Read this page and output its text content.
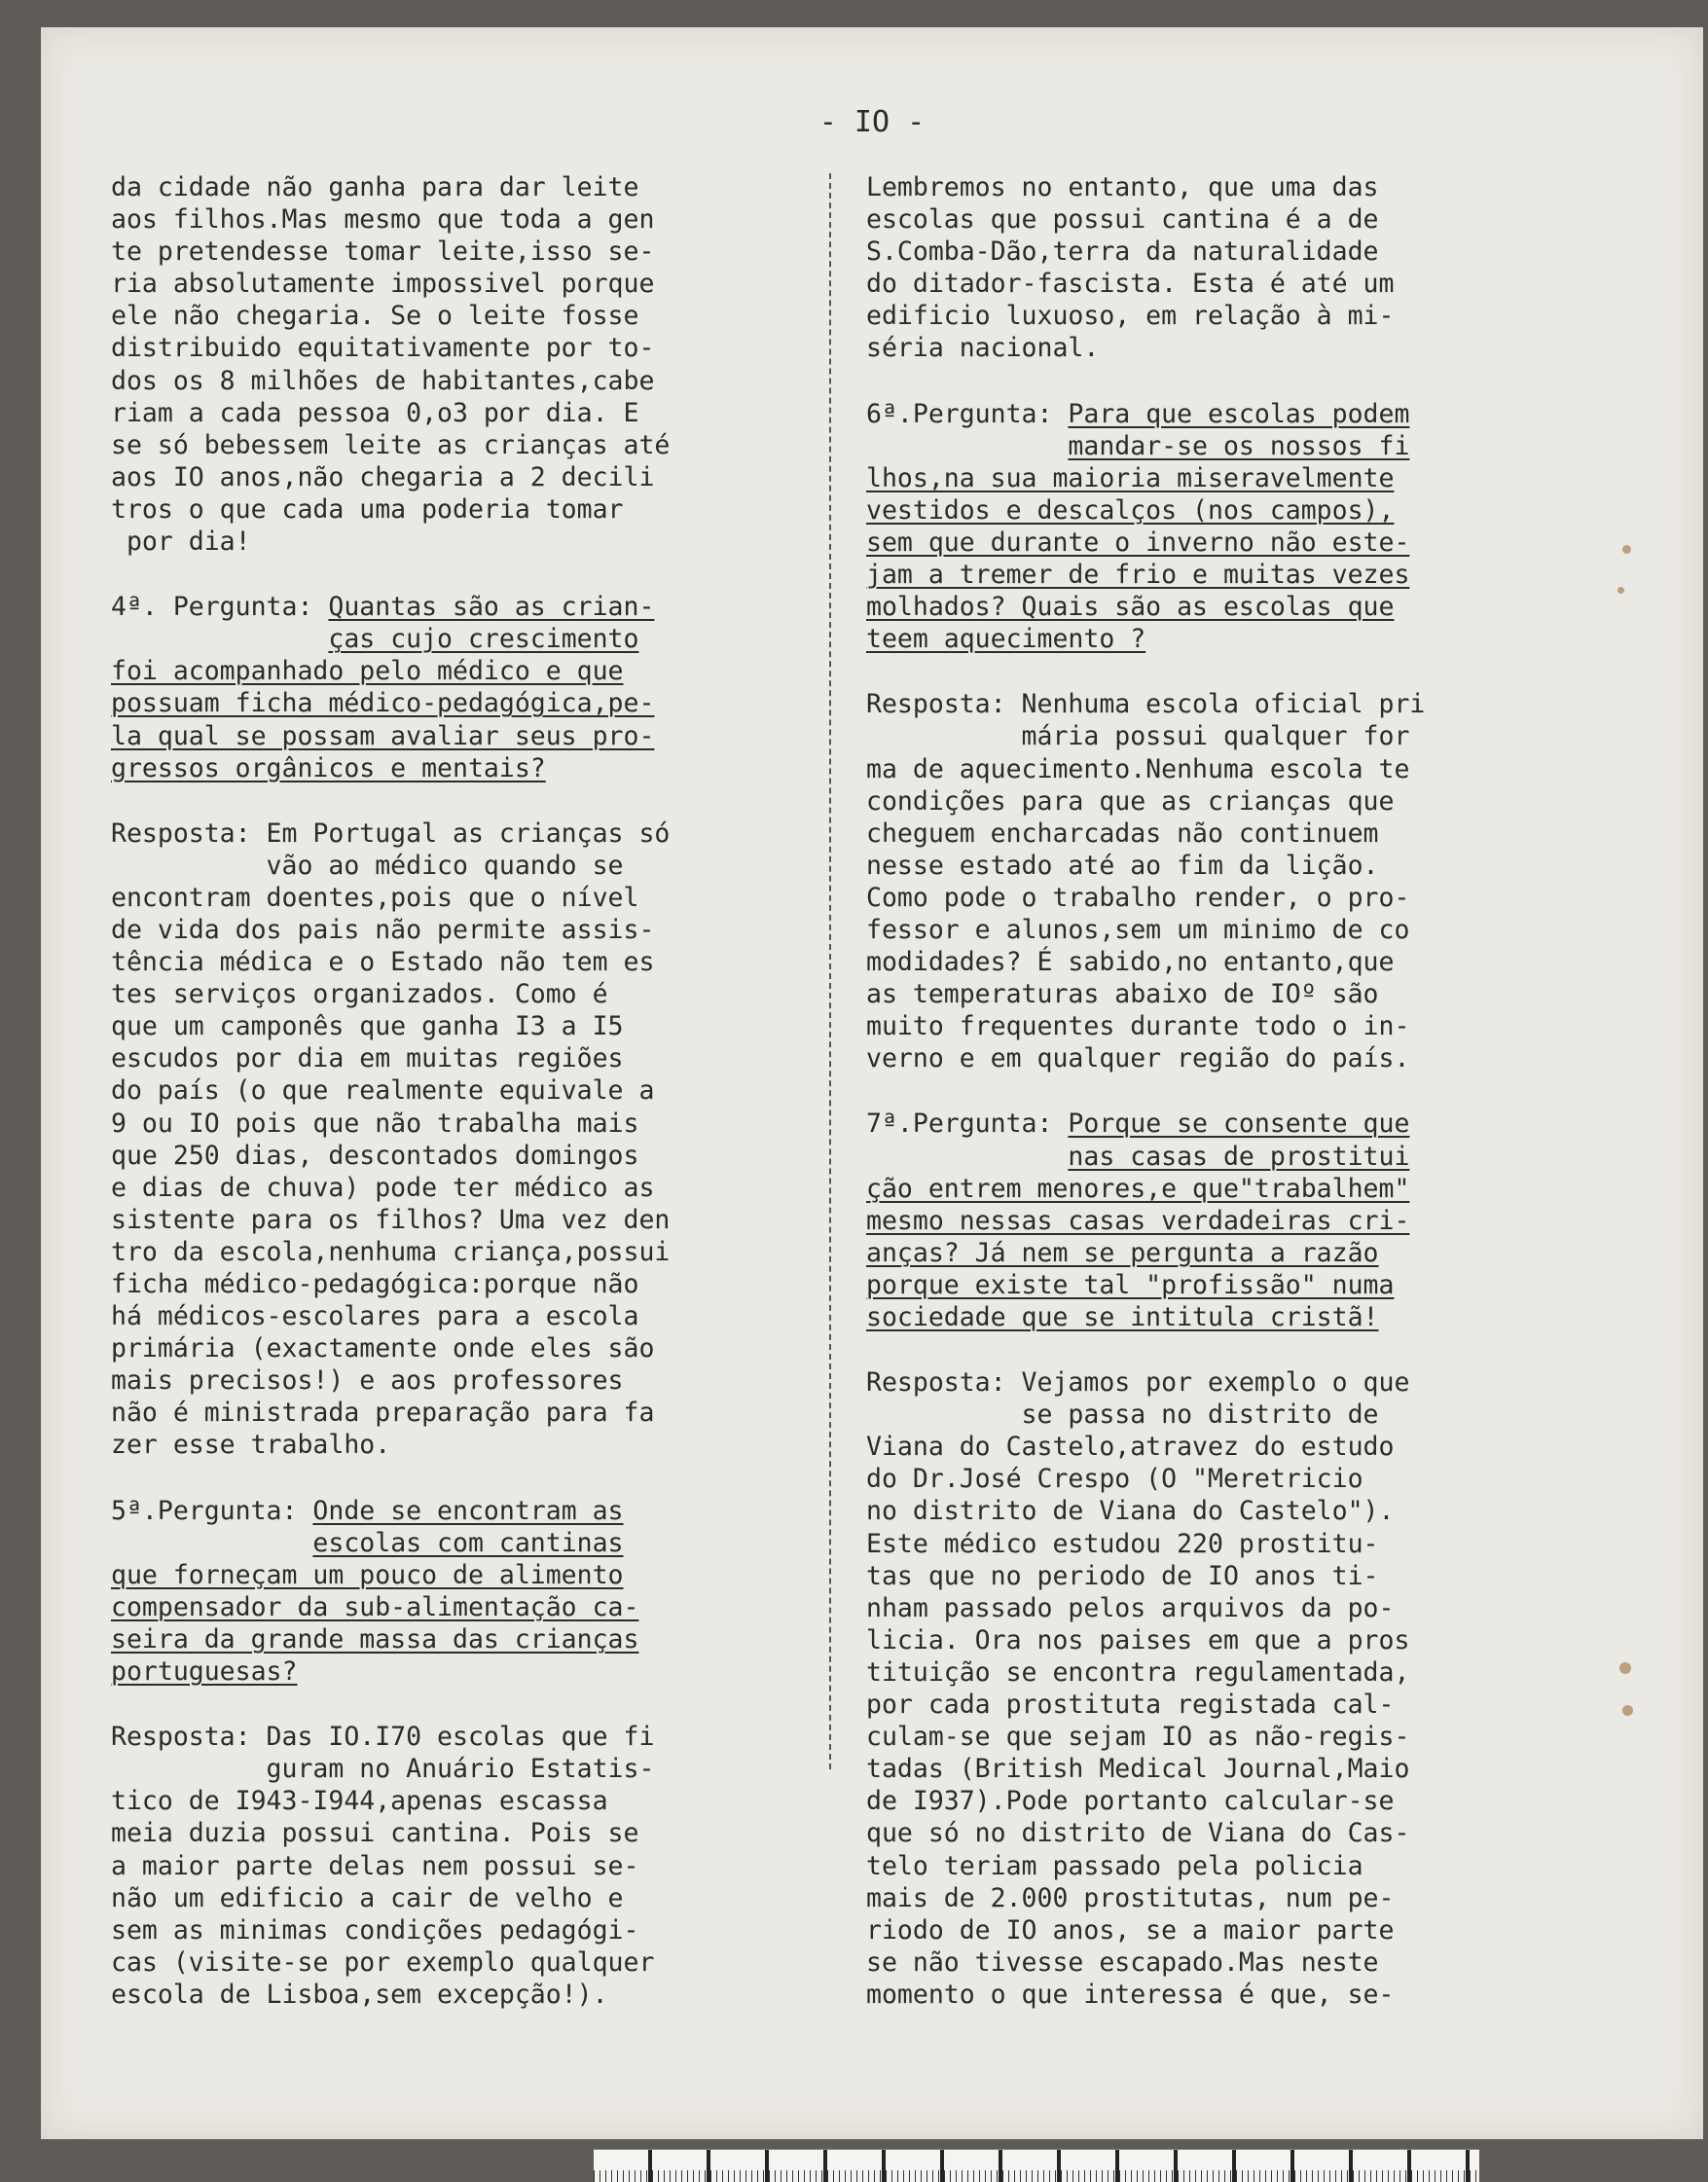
- IO -
da cidade não ganha para dar leite
aos filhos.Mas mesmo que toda a gen
te pretendesse tomar leite,isso se-
ria absolutamente impossivel porque
ele não chegaria. Se o leite fosse
distribuido equitativamente por to-
dos os 8 milhões de habitantes,cabe
riam a cada pessoa 0,o3 por dia. E
se só bebessem leite as crianças até
aos IO anos,não chegaria a 2 decili
tros o que cada uma poderia tomar
por dia!
4ª. Pergunta: Quantas são as crian-
ças cujo crescimento
foi acompanhado pelo médico e que
possuam ficha médico-pedagógica,pe-
la qual se possam avaliar seus pro-
gressos orgânicos e mentais?
Resposta: Em Portugal as crianças só
vão ao médico quando se
encontram doentes,pois que o nível
de vida dos pais não permite assis-
tência médica e o Estado não tem es
tes serviços organizados. Como é
que um camponês que ganha I3 a I5
escudos por dia em muitas regiões
do país (o que realmente equivale a
9 ou IO pois que não trabalha mais
que 250 dias, descontados domingos
e dias de chuva) pode ter médico as
sistente para os filhos? Uma vez den
tro da escola,nenhuma criança,possui
ficha médico-pedagógica:porque não
há médicos-escolares para a escola
primária (exactamente onde eles são
mais precisos!) e aos professores
não é ministrada preparação para fa
zer esse trabalho.
5ª.Pergunta: Onde se encontram as
escolas com cantinas
que forneçam um pouco de alimento
compensador da sub-alimentação ca-
seira da grande massa das crianças
portuguesas?
Resposta: Das IO.I70 escolas que fi
guram no Anuário Estatis-
tico de I943-I944,apenas escassa
meia duzia possui cantina. Pois se
a maior parte delas nem possui se-
não um edificio a cair de velho e
sem as minimas condições pedagógi-
cas (visite-se por exemplo qualquer
escola de Lisboa,sem excepção!).
Lembremos no entanto, que uma das
escolas que possui cantina é a de
S.Comba-Dão,terra da naturalidade
do ditador-fascista. Esta é até um
edificio luxuoso, em relação à mi-
séria nacional.
6ª.Pergunta: Para que escolas podem
mandar-se os nossos fi
lhos,na sua maioria miseravelmente
vestidos e descalços (nos campos),
sem que durante o inverno não este-
jam a tremer de frio e muitas vezes
molhados? Quais são as escolas que
teem aquecimento ?
Resposta: Nenhuma escola oficial pri
mária possui qualquer for
ma de aquecimento.Nenhuma escola te
condições para que as crianças que
cheguem encharcadas não continuem
nesse estado até ao fim da lição.
Como pode o trabalho render, o pro-
fessor e alunos,sem um minimo de co
modidades? É sabido,no entanto,que
as temperaturas abaixo de IOº são
muito frequentes durante todo o in-
verno e em qualquer região do país.
7ª.Pergunta: Porque se consente que
nas casas de prostitui
ção entrem menores,e que"trabalhem"
mesmo nessas casas verdadeiras cri-
anças? Já nem se pergunta a razão
porque existe tal "profissão" numa
sociedade que se intitula cristã!
Resposta: Vejamos por exemplo o que
se passa no distrito de
Viana do Castelo,atravez do estudo
do Dr.José Crespo (O "Meretricio
no distrito de Viana do Castelo").
Este médico estudou 220 prostitu-
tas que no periodo de IO anos ti-
nham passado pelos arquivos da po-
licia. Ora nos paises em que a pros
tituição se encontra regulamentada,
por cada prostituta registada cal-
culam-se que sejam IO as não-regis-
tadas (British Medical Journal,Maio
de I937).Pode portanto calcular-se
que só no distrito de Viana do Cas-
telo teriam passado pela policia
mais de 2.000 prostitutas, num pe-
riodo de IO anos, se a maior parte
se não tivesse escapado.Mas neste
momento o que interessa é que, se-
